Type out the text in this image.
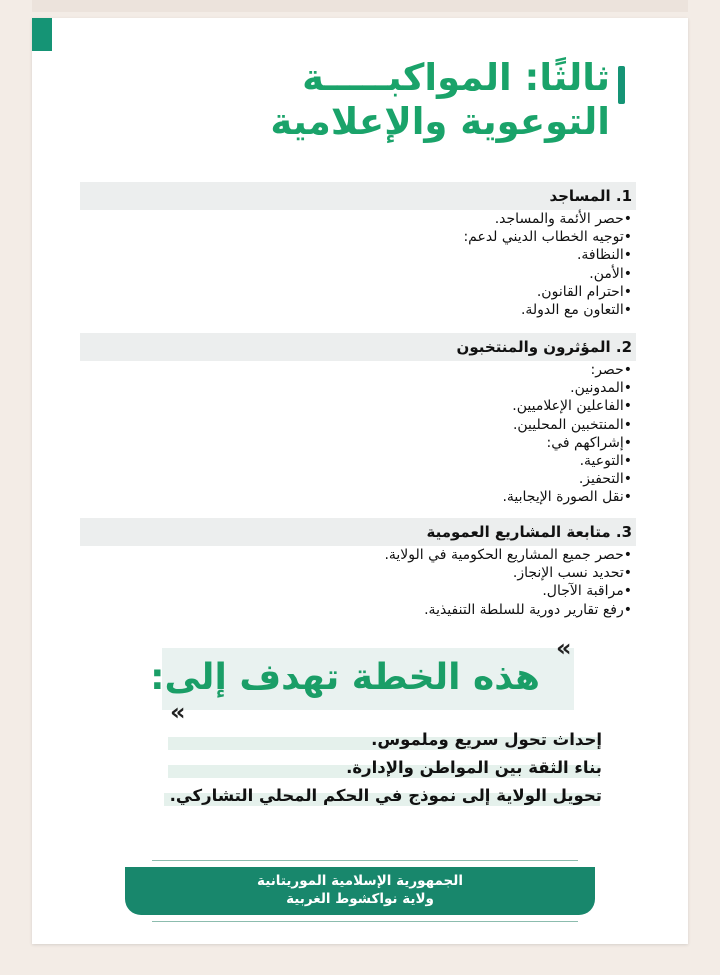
ثالثًا: المواكبـــــة
التوعوية والإعلامية
1. المساجد
• حصر الأئمة والمساجد.
• توجيه الخطاب الديني لدعم:
• النظافة.
• الأمن.
• احترام القانون.
• التعاون مع الدولة.
2. المؤثرون والمنتخبون
• حصر:
• المدونين.
• الفاعلين الإعلاميين.
• المنتخبين المحليين.
• إشراكهم في:
• التوعية.
• التحفيز.
• نقل الصورة الإيجابية.
3. متابعة المشاريع العمومية
• حصر جميع المشاريع الحكومية في الولاية.
• تحديد نسب الإنجاز.
• مراقبة الآجال.
• رفع تقارير دورية للسلطة التنفيذية.
«
هذه الخطة تهدف إلى:
«
إحداث تحول سريع وملموس.
بناء الثقة بين المواطن والإدارة.
تحويل الولاية إلى نموذج في الحكم المحلي التشاركي.
الجمهورية الإسلامية الموريتانية
ولاية نواكشوط الغربية
